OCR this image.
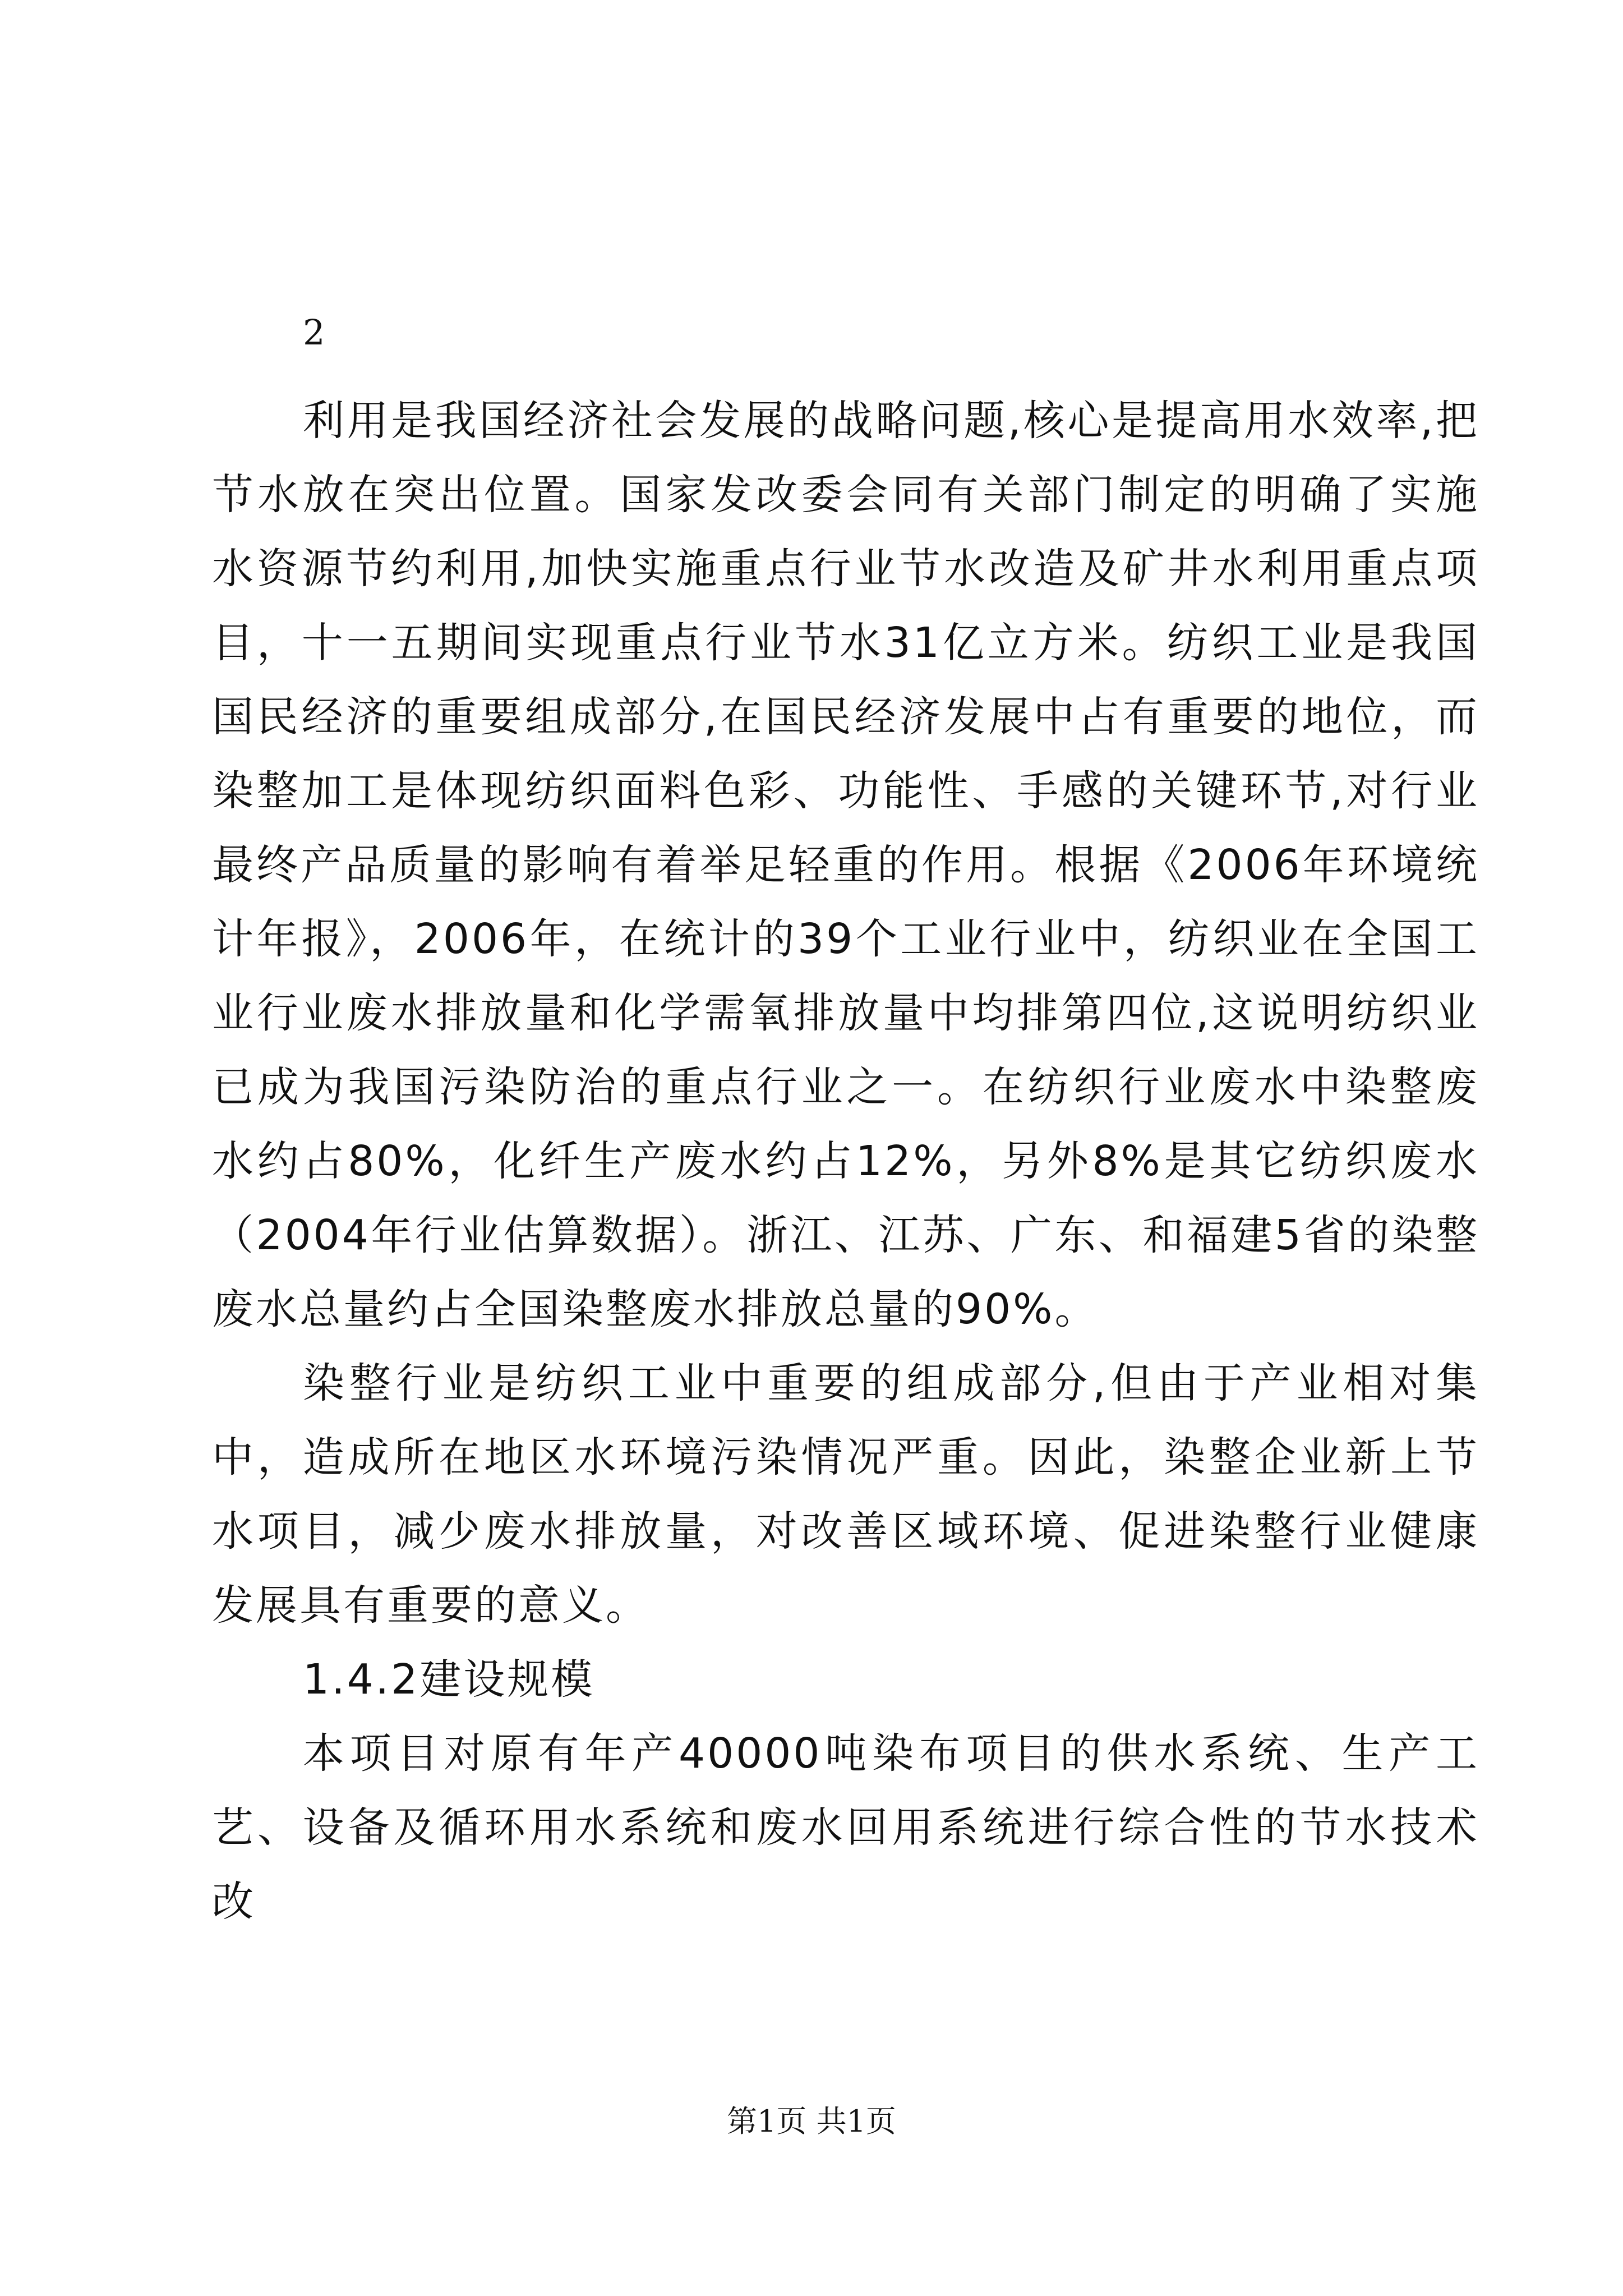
2

利用是我国经济社会发展的战略问题,核心是提高用水效率,把节水放在突出位置。国家发改委会同有关部门制定的明确了实施水资源节约利用,加快实施重点行业节水改造及矿井水利用重点项目，十一五期间实现重点行业节水31亿立方米。纺织工业是我国国民经济的重要组成部分,在国民经济发展中占有重要的地位，而染整加工是体现纺织面料色彩、功能性、手感的关键环节,对行业最终产品质量的影响有着举足轻重的作用。根据《2006年环境统计年报》，2006年，在统计的39个工业行业中，纺织业在全国工业行业废水排放量和化学需氧排放量中均排第四位,这说明纺织业已成为我国污染防治的重点行业之一。在纺织行业废水中染整废水约占80%，化纤生产废水约占12%，另外8%是其它纺织废水（2004年行业估算数据）。浙江、江苏、广东、和福建5省的染整废水总量约占全国染整废水排放总量的90%。

染整行业是纺织工业中重要的组成部分,但由于产业相对集中，造成所在地区水环境污染情况严重。因此，染整企业新上节水项目，减少废水排放量，对改善区域环境、促进染整行业健康发展具有重要的意义。

1.4.2建设规模

本项目对原有年产40000吨染布项目的供水系统、生产工艺、设备及循环用水系统和废水回用系统进行综合性的节水技术改

第1页 共1页
